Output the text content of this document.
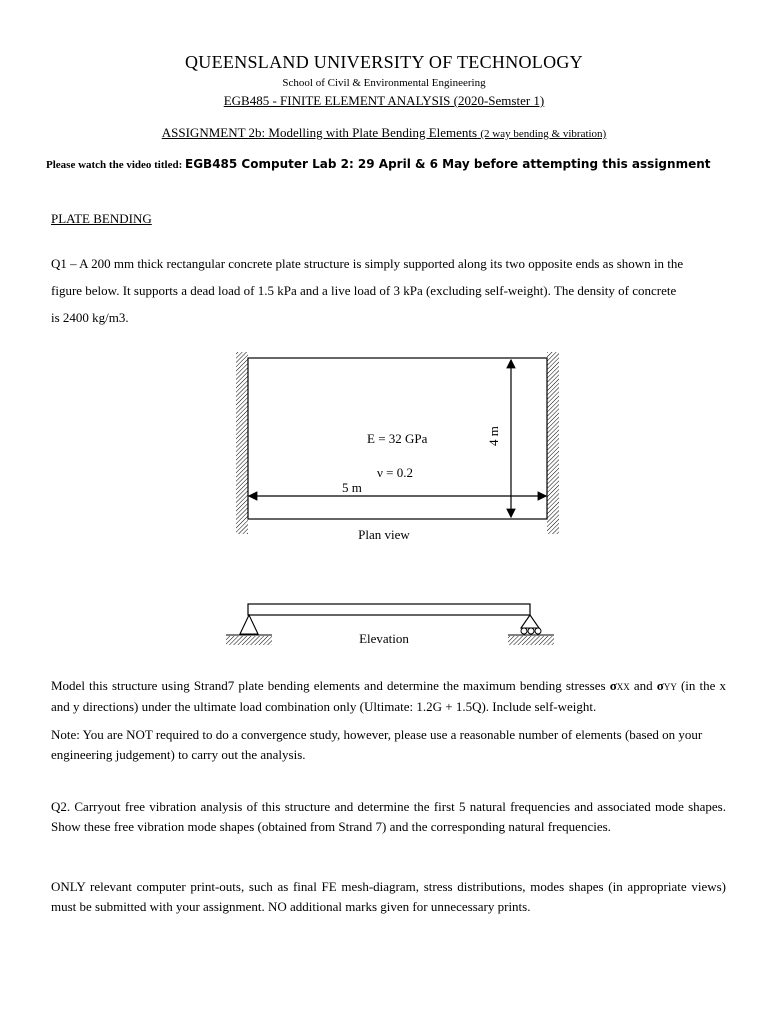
QUEENSLAND UNIVERSITY OF TECHNOLOGY
School of Civil & Environmental Engineering
EGB485 - FINITE ELEMENT ANALYSIS (2020-Semster 1)
ASSIGNMENT 2b: Modelling with Plate Bending Elements (2 way bending & vibration)
Please watch the video titled: EGB485 Computer Lab 2: 29 April & 6 May before attempting this assignment
PLATE BENDING
Q1 – A 200 mm thick rectangular concrete plate structure is simply supported along its two opposite ends as shown in the
figure below. It supports a dead load of 1.5 kPa and a live load of 3 kPa (excluding self-weight). The density of concrete
is 2400 kg/m3.
E = 32 GPa
ν = 0.2
5 m
4 m
Plan view
Elevation
Model this structure using Strand7 plate bending elements and determine the maximum bending stresses σXX and σYY (in the x and y directions) under the ultimate load combination only (Ultimate: 1.2G + 1.5Q). Include self-weight.
Note: You are NOT required to do a convergence study, however, please use a reasonable number of elements (based on your engineering judgement) to carry out the analysis.
Q2. Carryout free vibration analysis of this structure and determine the first 5 natural frequencies and associated mode shapes. Show these free vibration mode shapes (obtained from Strand 7) and the corresponding natural frequencies.
ONLY relevant computer print-outs, such as final FE mesh-diagram, stress distributions, modes shapes (in appropriate views) must be submitted with your assignment. NO additional marks given for unnecessary prints.
